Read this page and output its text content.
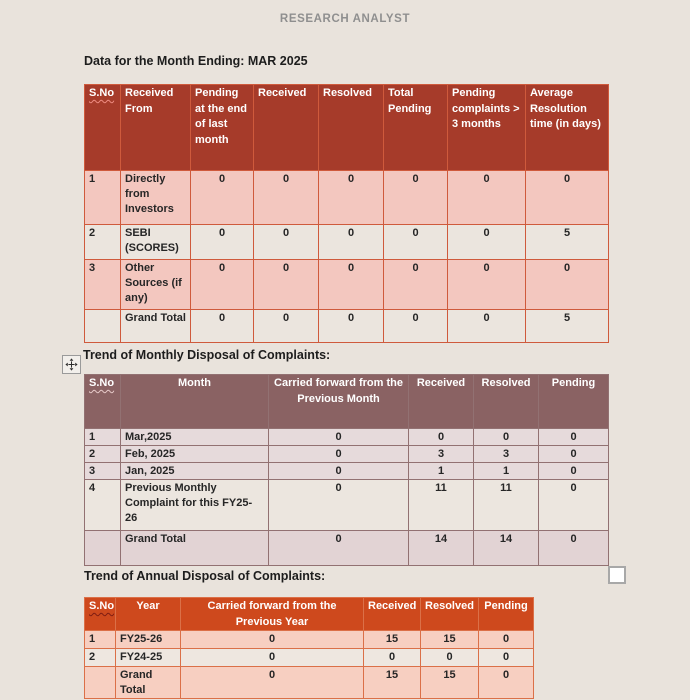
RESEARCH ANALYST
Data for the Month Ending: MAR 2025
S.No	Received From	Pending at the end of last month	Received	Resolved	Total Pending	Pending complaints > 3 months	Average Resolution time (in days)
1	Directly from Investors	0	0	0	0	0	0
2	SEBI (SCORES)	0	0	0	0	0	5
3	Other Sources (if any)	0	0	0	0	0	0
	Grand Total	0	0	0	0	0	5
Trend of Monthly Disposal of Complaints:
S.No	Month	Carried forward from the Previous Month	Received	Resolved	Pending
1	Mar,2025	0	0	0	0
2	Feb, 2025	0	3	3	0
3	Jan, 2025	0	1	1	0
4	Previous Monthly Complaint for this FY25-26	0	11	11	0
	Grand Total	0	14	14	0
Trend of Annual Disposal of Complaints:
S.No	Year	Carried forward from the Previous Year	Received	Resolved	Pending
1	FY25-26	0	15	15	0
2	FY24-25	0	0	0	0
	Grand Total	0	15	15	0
